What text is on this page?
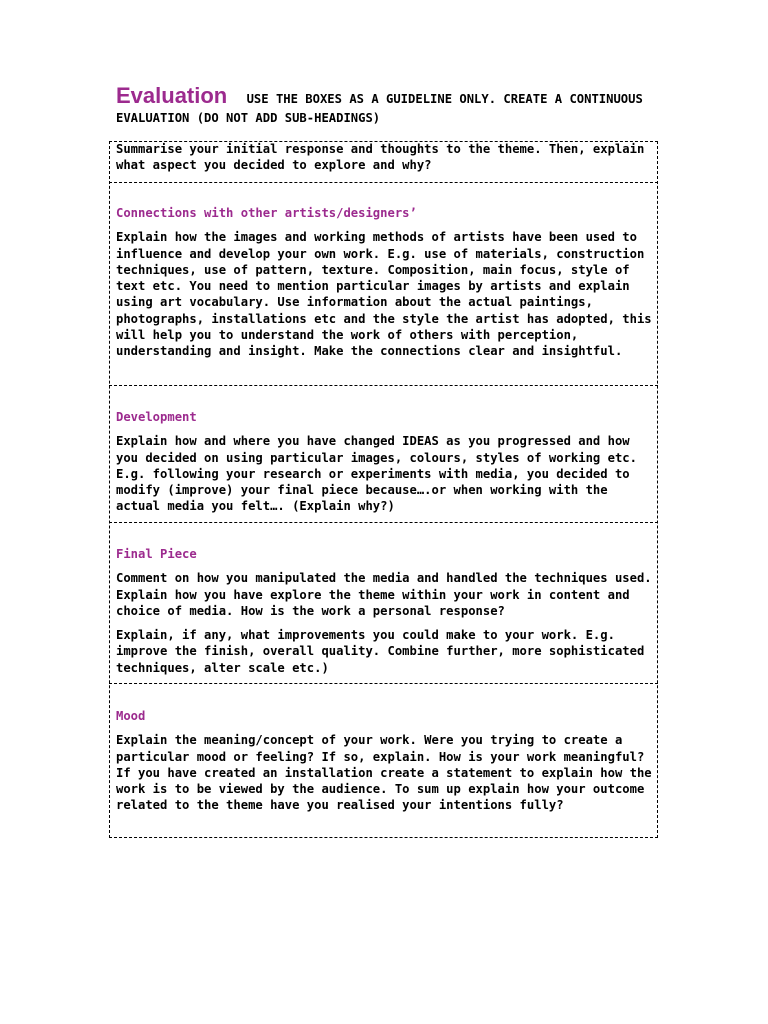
Evaluation USE THE BOXES AS A GUIDELINE ONLY. CREATE A CONTINUOUS EVALUATION (DO NOT ADD SUB-HEADINGS)

Summarise your initial response and thoughts to the theme. Then, explain what aspect you decided to explore and why?

Connections with other artists/designers’

Explain how the images and working methods of artists have been used to influence and develop your own work. E.g. use of materials, construction techniques, use of pattern, texture. Composition, main focus, style of text etc. You need to mention particular images by artists and explain using art vocabulary. Use information about the actual paintings, photographs, installations etc and the style the artist has adopted, this will help you to understand the work of others with perception, understanding and insight. Make the connections clear and insightful.

Development

Explain how and where you have changed IDEAS as you progressed and how you decided on using particular images, colours, styles of working etc. E.g. following your research or experiments with media, you decided to modify (improve) your final piece because….or when working with the actual media you felt…. (Explain why?)

Final Piece

Comment on how you manipulated the media and handled the techniques used. Explain how you have explore the theme within your work in content and choice of media. How is the work a personal response?

Explain, if any, what improvements you could make to your work. E.g. improve the finish, overall quality. Combine further, more sophisticated techniques, alter scale etc.)

Mood

Explain the meaning/concept of your work. Were you trying to create a particular mood or feeling? If so, explain. How is your work meaningful? If you have created an installation create a statement to explain how the work is to be viewed by the audience. To sum up explain how your outcome related to the theme have you realised your intentions fully?
